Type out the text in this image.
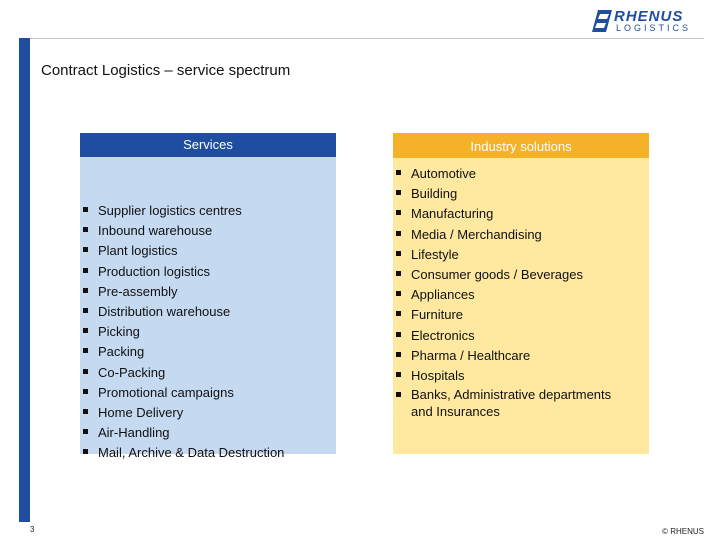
RHENUS
LOGISTICS
Contract Logistics – service spectrum
Services
Supplier logistics centres
Inbound warehouse
Plant logistics
Production logistics
Pre-assembly
Distribution warehouse
Picking
Packing
Co-Packing
Promotional campaigns
Home Delivery
Air-Handling
Mail, Archive & Data Destruction
Industry solutions
Automotive
Building
Manufacturing
Media / Merchandising
Lifestyle
Consumer goods / Beverages
Appliances
Furniture
Electronics
Pharma / Healthcare
Hospitals
Banks, Administrative departments and Insurances
3	© RHENUS
